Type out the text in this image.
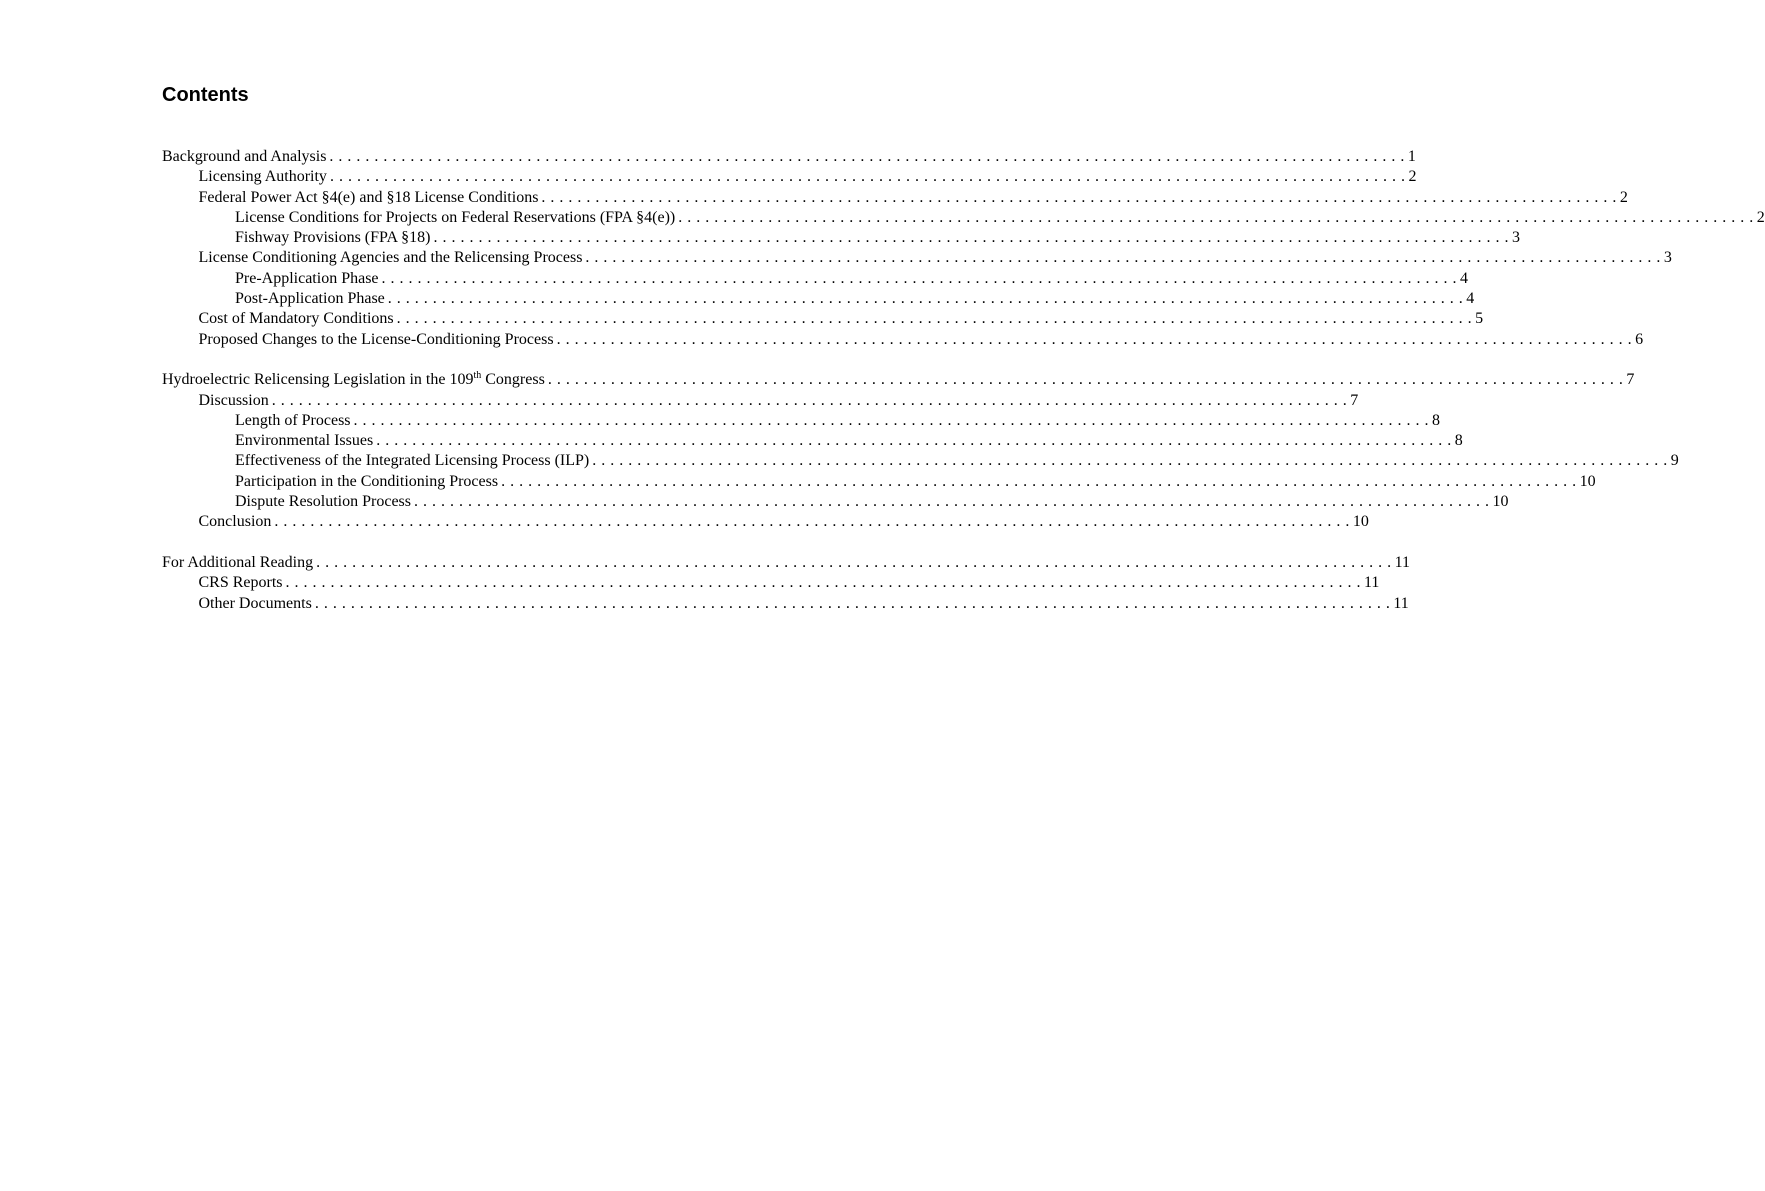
Contents
Background and Analysis . . . . . . . . . . . . . . . . . . . . . . . . . . . . . . . . . . . . . . . . . . . . . . . . . . . . . . . . . . . . . . . . . . . . . . . . . . . . . . . . . . . . . . . . . . . . . . . . . . . . . . . . . . . . . . . . . . . . . . . . 1
Licensing Authority . . . . . . . . . . . . . . . . . . . . . . . . . . . . . . . . . . . . . . . . . . . . . . . . . . . . . . . . . . . . . . . . . . . . . . . . . . . . . . . . . . . . . . . . . . . . . . . . . . . . . . . . . . . . . . . . . . . . . . . . 2
Federal Power Act §4(e) and §18 License Conditions . . . . . . . . . . . . . . . . . . . . . . . . . . . . . . . . . . . . . . . . . . . . . . . . . . . . . . . . . . . . . . . . . . . . . . . . . . . . . . . . . . . . . . . . . . . . . . . . . . . . . . . . . . . . . . . . . . . . . . . . 2
License Conditions for Projects on Federal Reservations (FPA §4(e)) . . . . . . . . . . . . . . . . . . . . . . . . . . . . . . . . . . . . . . . . . . . . . . . . . . . . . . . . . . . . . . . . . . . . . . . . . . . . . . . . . . . . . . . . . . . . . . . . . . . . . . . . . . . . . . . . . . . . . . . . 2
Fishway Provisions (FPA §18) . . . . . . . . . . . . . . . . . . . . . . . . . . . . . . . . . . . . . . . . . . . . . . . . . . . . . . . . . . . . . . . . . . . . . . . . . . . . . . . . . . . . . . . . . . . . . . . . . . . . . . . . . . . . . . . . . . . . . . . . 3
License Conditioning Agencies and the Relicensing Process . . . . . . . . . . . . . . . . . . . . . . . . . . . . . . . . . . . . . . . . . . . . . . . . . . . . . . . . . . . . . . . . . . . . . . . . . . . . . . . . . . . . . . . . . . . . . . . . . . . . . . . . . . . . . . . . . . . . . . . . 3
Pre-Application Phase . . . . . . . . . . . . . . . . . . . . . . . . . . . . . . . . . . . . . . . . . . . . . . . . . . . . . . . . . . . . . . . . . . . . . . . . . . . . . . . . . . . . . . . . . . . . . . . . . . . . . . . . . . . . . . . . . . . . . . . . 4
Post-Application Phase . . . . . . . . . . . . . . . . . . . . . . . . . . . . . . . . . . . . . . . . . . . . . . . . . . . . . . . . . . . . . . . . . . . . . . . . . . . . . . . . . . . . . . . . . . . . . . . . . . . . . . . . . . . . . . . . . . . . . . . . 4
Cost of Mandatory Conditions . . . . . . . . . . . . . . . . . . . . . . . . . . . . . . . . . . . . . . . . . . . . . . . . . . . . . . . . . . . . . . . . . . . . . . . . . . . . . . . . . . . . . . . . . . . . . . . . . . . . . . . . . . . . . . . . . . . . . . . . 5
Proposed Changes to the License-Conditioning Process . . . . . . . . . . . . . . . . . . . . . . . . . . . . . . . . . . . . . . . . . . . . . . . . . . . . . . . . . . . . . . . . . . . . . . . . . . . . . . . . . . . . . . . . . . . . . . . . . . . . . . . . . . . . . . . . . . . . . . . . 6
Hydroelectric Relicensing Legislation in the 109th Congress . . . . . . . . . . . . . . . . . . . . . . . . . . . . . . . . . . . . . . . . . . . . . . . . . . . . . . . . . . . . . . . . . . . . . . . . . . . . . . . . . . . . . . . . . . . . . . . . . . . . . . . . . . . . . . . . . . . . . . . . 7
Discussion . . . . . . . . . . . . . . . . . . . . . . . . . . . . . . . . . . . . . . . . . . . . . . . . . . . . . . . . . . . . . . . . . . . . . . . . . . . . . . . . . . . . . . . . . . . . . . . . . . . . . . . . . . . . . . . . . . . . . . . . 7
Length of Process . . . . . . . . . . . . . . . . . . . . . . . . . . . . . . . . . . . . . . . . . . . . . . . . . . . . . . . . . . . . . . . . . . . . . . . . . . . . . . . . . . . . . . . . . . . . . . . . . . . . . . . . . . . . . . . . . . . . . . . . 8
Environmental Issues . . . . . . . . . . . . . . . . . . . . . . . . . . . . . . . . . . . . . . . . . . . . . . . . . . . . . . . . . . . . . . . . . . . . . . . . . . . . . . . . . . . . . . . . . . . . . . . . . . . . . . . . . . . . . . . . . . . . . . . . 8
Effectiveness of the Integrated Licensing Process (ILP) . . . . . . . . . . . . . . . . . . . . . . . . . . . . . . . . . . . . . . . . . . . . . . . . . . . . . . . . . . . . . . . . . . . . . . . . . . . . . . . . . . . . . . . . . . . . . . . . . . . . . . . . . . . . . . . . . . . . . . . . 9
Participation in the Conditioning Process . . . . . . . . . . . . . . . . . . . . . . . . . . . . . . . . . . . . . . . . . . . . . . . . . . . . . . . . . . . . . . . . . . . . . . . . . . . . . . . . . . . . . . . . . . . . . . . . . . . . . . . . . . . . . . . . . . . . . . . . 10
Dispute Resolution Process . . . . . . . . . . . . . . . . . . . . . . . . . . . . . . . . . . . . . . . . . . . . . . . . . . . . . . . . . . . . . . . . . . . . . . . . . . . . . . . . . . . . . . . . . . . . . . . . . . . . . . . . . . . . . . . . . . . . . . . . 10
Conclusion . . . . . . . . . . . . . . . . . . . . . . . . . . . . . . . . . . . . . . . . . . . . . . . . . . . . . . . . . . . . . . . . . . . . . . . . . . . . . . . . . . . . . . . . . . . . . . . . . . . . . . . . . . . . . . . . . . . . . . . . 10
For Additional Reading . . . . . . . . . . . . . . . . . . . . . . . . . . . . . . . . . . . . . . . . . . . . . . . . . . . . . . . . . . . . . . . . . . . . . . . . . . . . . . . . . . . . . . . . . . . . . . . . . . . . . . . . . . . . . . . . . . . . . . . . 11
CRS Reports . . . . . . . . . . . . . . . . . . . . . . . . . . . . . . . . . . . . . . . . . . . . . . . . . . . . . . . . . . . . . . . . . . . . . . . . . . . . . . . . . . . . . . . . . . . . . . . . . . . . . . . . . . . . . . . . . . . . . . . . 11
Other Documents . . . . . . . . . . . . . . . . . . . . . . . . . . . . . . . . . . . . . . . . . . . . . . . . . . . . . . . . . . . . . . . . . . . . . . . . . . . . . . . . . . . . . . . . . . . . . . . . . . . . . . . . . . . . . . . . . . . . . . . . 11
